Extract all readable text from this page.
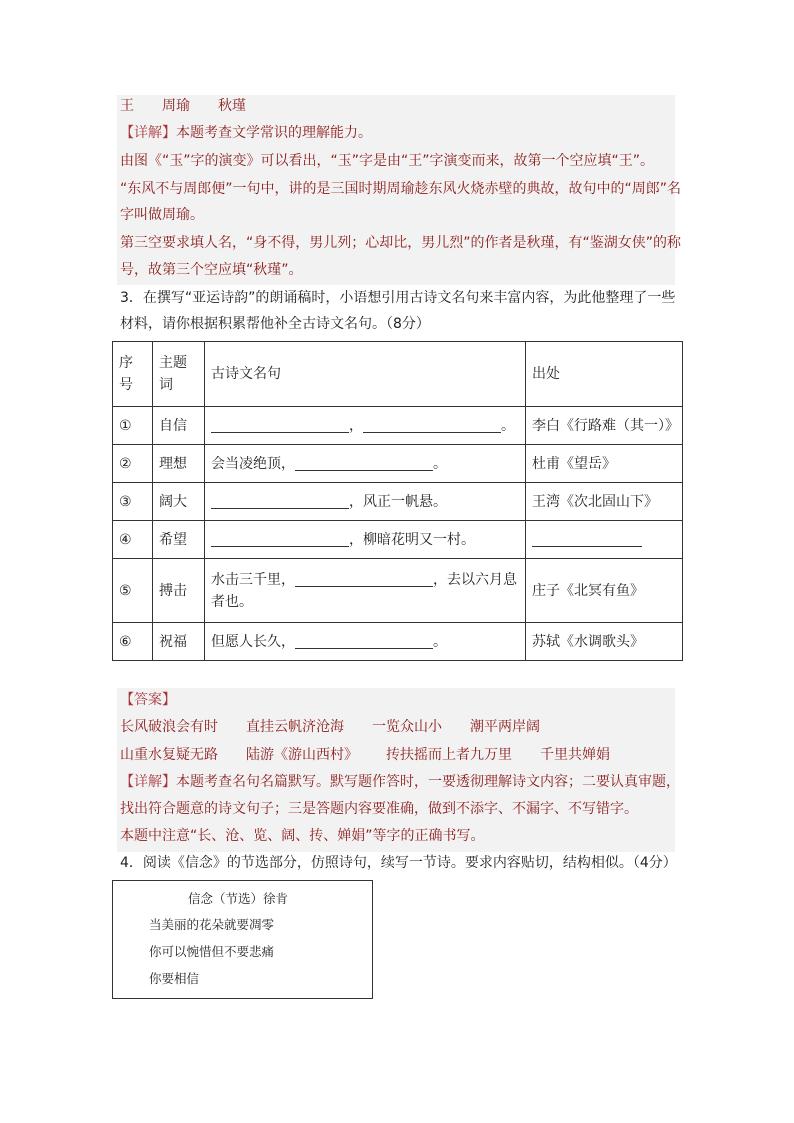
王 周瑜 秋瑾
【详解】本题考查文学常识的理解能力。
由图《“玉”字的演变》可以看出，“玉”字是由“王”字演变而来，故第一个空应填“王”。
“东风不与周郎便”一句中，讲的是三国时期周瑜趁东风火烧赤壁的典故，故句中的“周郎”名
字叫做周瑜。
第三空要求填人名，“身不得，男儿列；心却比，男儿烈”的作者是秋瑾，有“鉴湖女侠”的称
号，故第三个空应填“秋瑾”。
3．在撰写“亚运诗韵”的朗诵稿时，小语想引用古诗文名句来丰富内容，为此他整理了一些
材料，请你根据积累帮他补全古诗文名句。（8分）
序
号	主题
词	古诗文名句	出处
①	自信	， 。	李白《行路难（其一）》
②	理想	会当凌绝顶， 。	杜甫《望岳》
③	阔大	，风正一帆悬。	王湾《次北固山下》
④	希望	，柳暗花明又一村。	
⑤	搏击	水击三千里， ，去以六月息
者也。	庄子《北冥有鱼》
⑥	祝福	但愿人长久， 。	苏轼《水调歌头》
【答案】
长风破浪会有时 直挂云帆济沧海 一览众山小 潮平两岸阔
山重水复疑无路 陆游《游山西村》 抟扶摇而上者九万里 千里共婵娟
【详解】本题考查名句名篇默写。默写题作答时，一要透彻理解诗文内容；二要认真审题，
找出符合题意的诗文句子；三是答题内容要准确，做到不添字、不漏字、不写错字。
本题中注意“长、沧、览、阔、抟、婵娟”等字的正确书写。
4．阅读《信念》的节选部分，仿照诗句，续写一节诗。要求内容贴切，结构相似。（4分）
信念（节选）徐肯
当美丽的花朵就要凋零
你可以惋惜但不要悲痛
你要相信
